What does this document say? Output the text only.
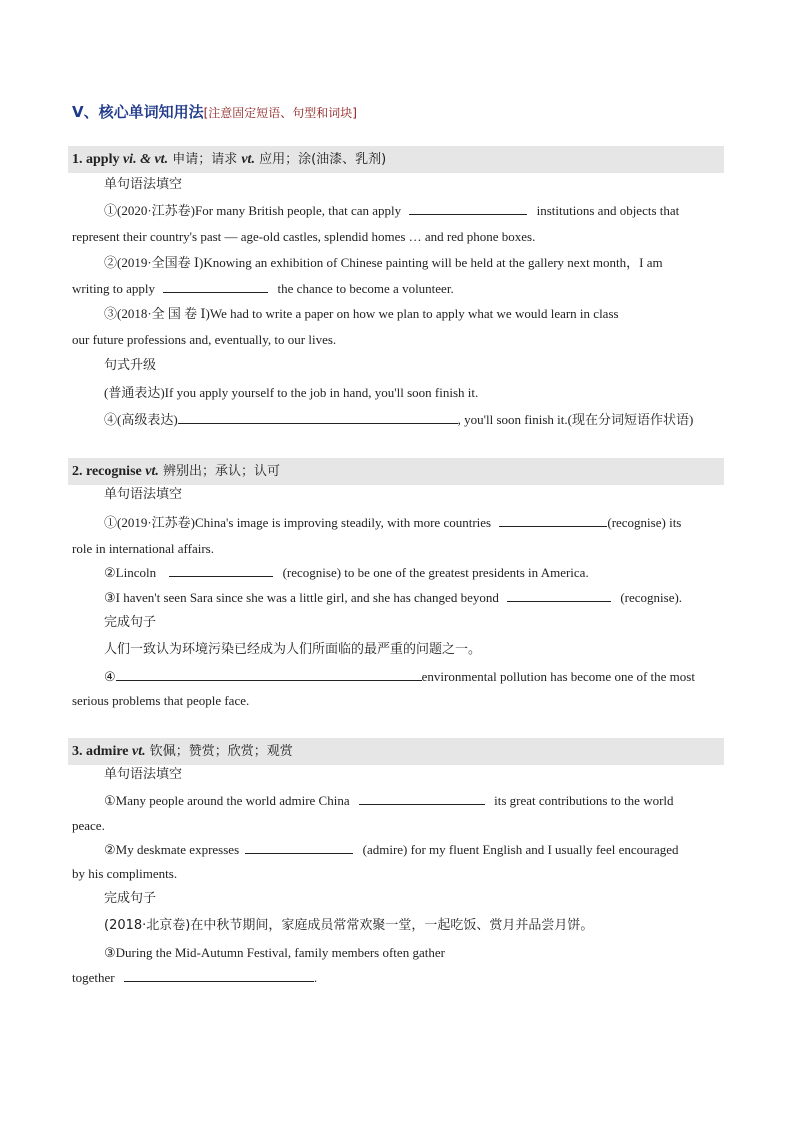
V、核心单词知用法[注意固定短语、句型和词块]
1. apply vi. & vt. 申请；请求 vt. 应用；涂(油漆、乳剂)
单句语法填空
①(2020·江苏卷)For many British people, that can apply	institutions and objects that
represent their country's past — age-old castles, splendid homes … and red phone boxes.
②(2019·全国卷 Ⅰ)Knowing an exhibition of Chinese painting will be held at the gallery next month，I am
writing to apply	the chance to become a volunteer.
③(2018·全 国 卷 Ⅰ)We had to write a paper on how we plan to apply what we would learn in class
our future professions and, eventually, to our lives.
句式升级
(普通表达)If you apply yourself to the job in hand, you'll soon finish it.
④(高级表达)	, you'll soon finish it.(现在分词短语作状语)
2. recognise vt. 辨别出；承认；认可
单句语法填空
①(2019·江苏卷)China's image is improving steadily, with more countries	(recognise) its
role in international affairs.
②Lincoln	(recognise) to be one of the greatest presidents in America.
③I haven't seen Sara since she was a little girl, and she has changed beyond	(recognise).
完成句子
人们一致认为环境污染已经成为人们所面临的最严重的问题之一。
④	environmental pollution has become one of the most
serious problems that people face.
3. admire vt. 钦佩；赞赏；欣赏；观赏
单句语法填空
①Many people around the world admire China	its great contributions to the world
peace.
②My deskmate expresses	(admire) for my fluent English and I usually feel encouraged
by his compliments.
完成句子
(2018·北京卷)在中秋节期间，家庭成员常常欢聚一堂，一起吃饭、赏月并品尝月饼。
③During the Mid-Autumn Festival, family members often gather
together	.
